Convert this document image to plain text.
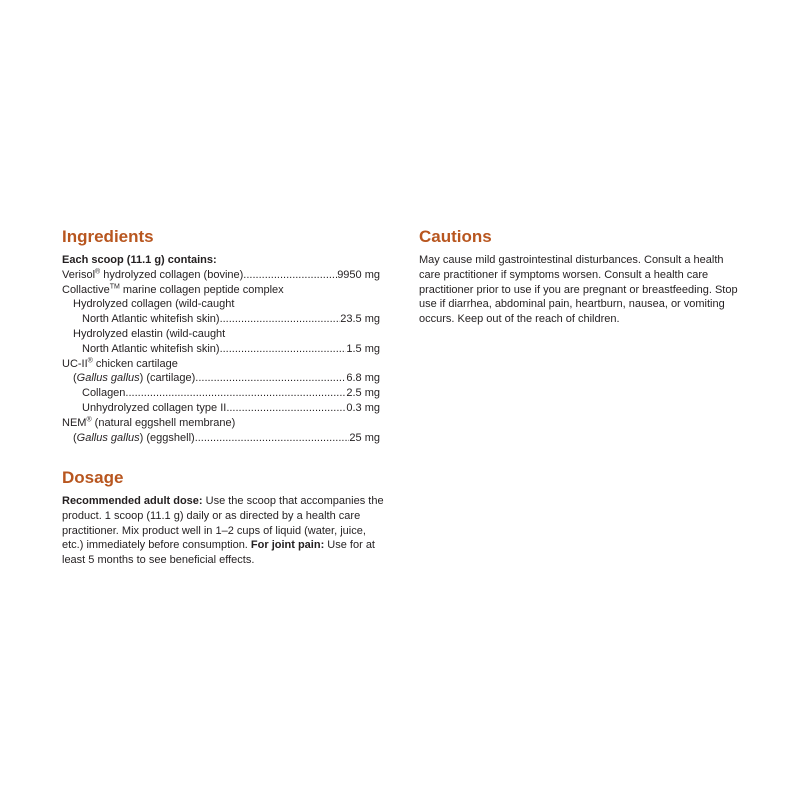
Ingredients
Each scoop (11.1 g) contains:
Verisol® hydrolyzed collagen (bovine) .....	9950 mg
Collactive™ marine collagen peptide complex
Hydrolyzed collagen (wild-caught
North Atlantic whitefish skin) .....	23.5 mg
Hydrolyzed elastin (wild-caught
North Atlantic whitefish skin) .....	1.5 mg
UC-II® chicken cartilage
(Gallus gallus) (cartilage) .....	6.8 mg
Collagen .....	2.5 mg
Unhydrolyzed collagen type II .....	0.3 mg
NEM® (natural eggshell membrane)
(Gallus gallus) (eggshell) .....	25 mg
Dosage

Recommended adult dose: Use the scoop that accompanies the product. 1 scoop (11.1 g) daily or as directed by a health care practitioner. Mix product well in 1–2 cups of liquid (water, juice, etc.) immediately before consumption. For joint pain: Use for at least 5 months to see beneficial effects.

Cautions

May cause mild gastrointestinal disturbances. Consult a health care practitioner if symptoms worsen. Consult a health care practitioner prior to use if you are pregnant or breastfeeding. Stop use if diarrhea, abdominal pain, heartburn, nausea, or vomiting occurs. Keep out of the reach of children.
